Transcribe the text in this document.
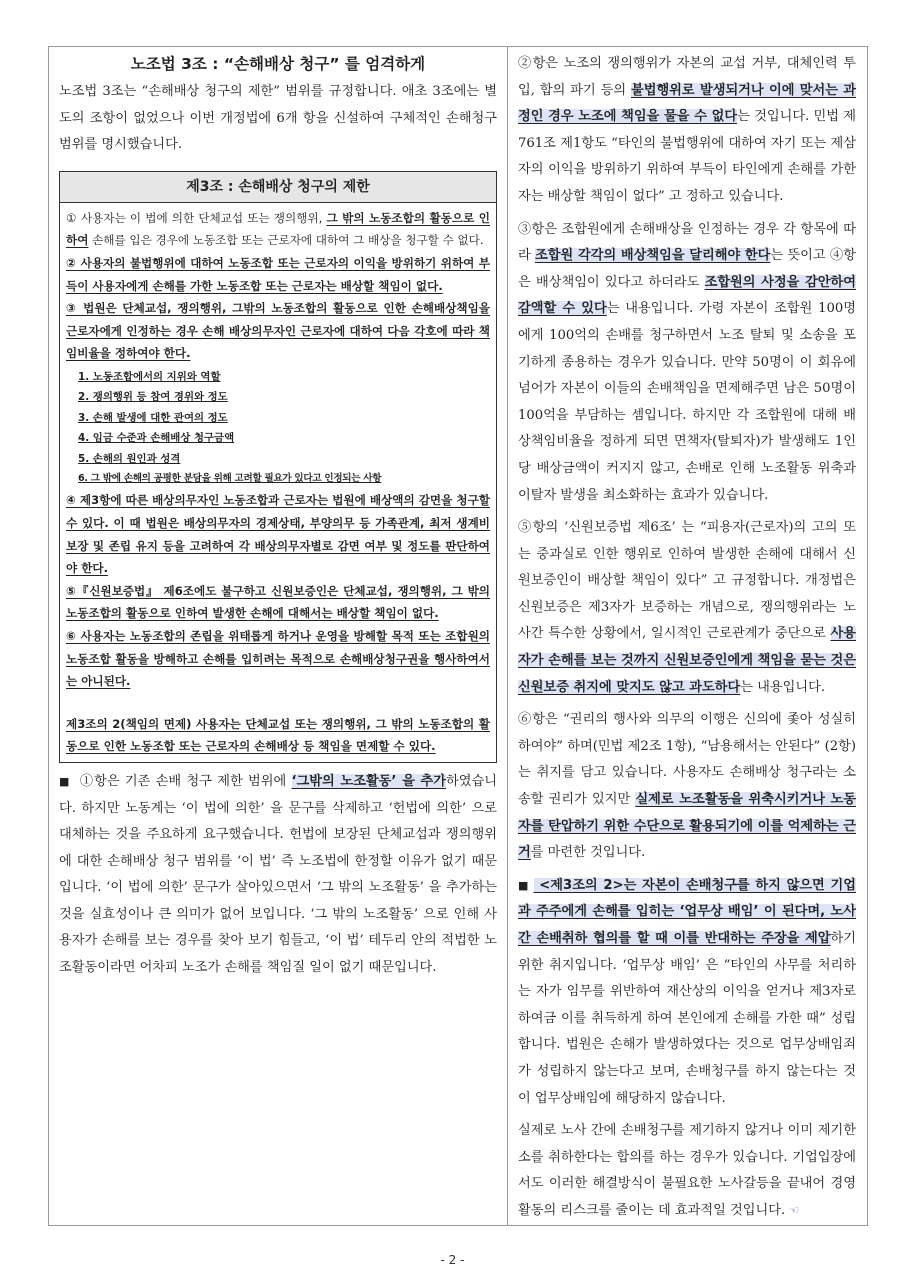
노조법 3조 : “손해배상 청구” 를 엄격하게

노조법 3조는 “손해배상 청구의 제한” 범위를 규정합니다. 애초 3조에는 별도의 조항이 없었으나 이번 개정법에 6개 항을 신설하여 구체적인 손해청구 범위를 명시했습니다.

제3조 : 손해배상 청구의 제한

① 사용자는 이 법에 의한 단체교섭 또는 쟁의행위, 그 밖의 노동조합의 활동으로 인하여 손해를 입은 경우에 노동조합 또는 근로자에 대하여 그 배상을 청구할 수 없다.

② 사용자의 불법행위에 대하여 노동조합 또는 근로자의 이익을 방위하기 위하여 부득이 사용자에게 손해를 가한 노동조합 또는 근로자는 배상할 책임이 없다.

③ 법원은 단체교섭, 쟁의행위, 그밖의 노동조합의 활동으로 인한 손해배상책임을 근로자에게 인정하는 경우 손해 배상의무자인 근로자에 대하여 다음 각호에 따라 책임비율을 정하여야 한다.

1. 노동조합에서의 지위와 역할
2. 쟁의행위 등 참여 경위와 정도
3. 손해 발생에 대한 관여의 정도
4. 임금 수준과 손해배상 청구금액
5. 손해의 원인과 성격
6. 그 밖에 손해의 공평한 분담을 위해 고려할 필요가 있다고 인정되는 사항

④ 제3항에 따른 배상의무자인 노동조합과 근로자는 법원에 배상액의 감면을 청구할 수 있다. 이 때 법원은 배상의무자의 경제상태, 부양의무 등 가족관계, 최저 생계비 보장 및 존립 유지 등을 고려하여 각 배상의무자별로 감면 여부 및 정도를 판단하여야 한다.

⑤『신원보증법』 제6조에도 불구하고 신원보증인은 단체교섭, 쟁의행위, 그 밖의 노동조합의 활동으로 인하여 발생한 손해에 대해서는 배상할 책임이 없다.

⑥ 사용자는 노동조합의 존립을 위태롭게 하거나 운영을 방해할 목적 또는 조합원의 노동조합 활동을 방해하고 손해를 입히려는 목적으로 손해배상청구권을 행사하여서는 아니된다.

제3조의 2(책임의 면제) 사용자는 단체교섭 또는 쟁의행위, 그 밖의 노동조합의 활동으로 인한 노동조합 또는 근로자의 손해배상 등 책임을 면제할 수 있다.

■ ①항은 기존 손배 청구 제한 범위에 ‘그밖의 노조활동’ 을 추가하였습니다. 하지만 노동계는 ‘이 법에 의한’ 을 문구를 삭제하고 ‘헌법에 의한’ 으로 대체하는 것을 주요하게 요구했습니다. 헌법에 보장된 단체교섭과 쟁의행위에 대한 손해배상 청구 범위를 ‘이 법’ 즉 노조법에 한정할 이유가 없기 때문입니다. ‘이 법에 의한’ 문구가 살아있으면서 ‘그 밖의 노조활동’ 을 추가하는 것을 실효성이나 큰 의미가 없어 보입니다. ‘그 밖의 노조활동’ 으로 인해 사용자가 손해를 보는 경우를 찾아 보기 힘들고, ‘이 법’ 테두리 안의 적법한 노조활동이라면 어차피 노조가 손해를 책임질 일이 없기 때문입니다.

②항은 노조의 쟁의행위가 자본의 교섭 거부, 대체인력 투입, 합의 파기 등의 불법행위로 발생되거나 이에 맞서는 과정인 경우 노조에 책임을 물을 수 없다는 것입니다. 민법 제761조 제1항도 “타인의 불법행위에 대하여 자기 또는 제삼자의 이익을 방위하기 위하여 부득이 타인에게 손해를 가한 자는 배상할 책임이 없다” 고 정하고 있습니다.

③항은 조합원에게 손해배상을 인정하는 경우 각 항목에 따라 조합원 각각의 배상책임을 달리해야 한다는 뜻이고 ④항은 배상책임이 있다고 하더라도 조합원의 사정을 감안하여 감액할 수 있다는 내용입니다. 가령 자본이 조합원 100명에게 100억의 손배를 청구하면서 노조 탈퇴 및 소송을 포기하게 종용하는 경우가 있습니다. 만약 50명이 이 회유에 넘어가 자본이 이들의 손배책임을 면제해주면 남은 50명이 100억을 부담하는 셈입니다. 하지만 각 조합원에 대해 배상책임비율을 정하게 되면 면책자(탈퇴자)가 발생해도 1인당 배상금액이 커지지 않고, 손배로 인해 노조활동 위축과 이탈자 발생을 최소화하는 효과가 있습니다.

⑤항의 ‘신원보증법 제6조’ 는 “피용자(근로자)의 고의 또는 중과실로 인한 행위로 인하여 발생한 손해에 대해서 신원보증인이 배상할 책임이 있다” 고 규정합니다. 개정법은 신원보증은 제3자가 보증하는 개념으로, 쟁의행위라는 노사간 특수한 상황에서, 일시적인 근로관계가 중단으로 사용자가 손해를 보는 것까지 신원보증인에게 책임을 묻는 것은 신원보증 취지에 맞지도 않고 과도하다는 내용입니다.

⑥항은 “권리의 행사와 의무의 이행은 신의에 좇아 성실히 하여야” 하며(민법 제2조 1항), “남용해서는 안된다” (2항)는 취지를 담고 있습니다. 사용자도 손해배상 청구라는 소송할 권리가 있지만 실제로 노조활동을 위축시키거나 노동자를 탄압하기 위한 수단으로 활용되기에 이를 억제하는 근거를 마련한 것입니다.

■ <제3조의 2>는 자본이 손배청구를 하지 않으면 기업과 주주에게 손해를 입히는 ‘업무상 배임’ 이 된다며, 노사간 손배취하 협의를 할 때 이를 반대하는 주장을 제압하기 위한 취지입니다. ‘업무상 배임’ 은 “타인의 사무를 처리하는 자가 임무를 위반하여 재산상의 이익을 얻거나 제3자로 하여금 이를 취득하게 하여 본인에게 손해를 가한 때” 성립합니다. 법원은 손해가 발생하였다는 것으로 업무상배임죄가 성립하지 않는다고 보며, 손배청구를 하지 않는다는 것이 업무상배임에 해당하지 않습니다.

실제로 노사 간에 손배청구를 제기하지 않거나 이미 제기한 소를 취하한다는 합의를 하는 경우가 있습니다. 기업입장에서도 이러한 해결방식이 불필요한 노사갈등을 끝내어 경영활동의 리스크를 줄이는 데 효과적일 것입니다. ☜

- 2 -
